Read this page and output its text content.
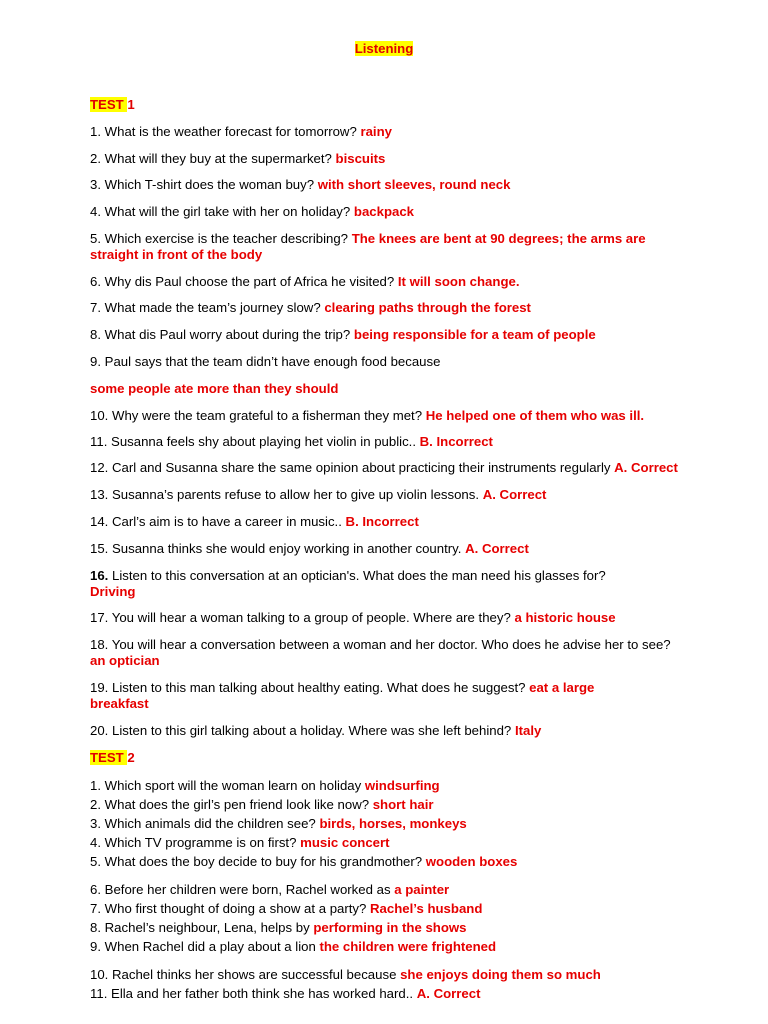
Listening
TEST 1
1. What is the weather forecast for tomorrow? rainy
2. What will they buy at the supermarket? biscuits
3. Which T-shirt does the woman buy? with short sleeves, round neck
4. What will the girl take with her on holiday? backpack
5. Which exercise is the teacher describing? The knees are bent at 90 degrees; the arms are straight in front of the body
6. Why dis Paul choose the part of Africa he visited? It will soon change.
7. What made the team’s journey slow? clearing paths through the forest
8. What dis Paul worry about during the trip? being responsible for a team of people
9. Paul says that the team didn’t have enough food because
some people ate more than they should
10. Why were the team grateful to a fisherman they met? He helped one of them who was ill.
11. Susanna feels shy about playing het violin in public.. B. Incorrect
12. Carl and Susanna share the same opinion about practicing their instruments regularly A. Correct
13. Susanna’s parents refuse to allow her to give up violin lessons. A. Correct
14. Carl’s aim is to have a career in music.. B. Incorrect
15. Susanna thinks she would enjoy working in another country. A. Correct
16. Listen to this conversation at an optician's. What does the man need his glasses for?
Driving
17. You will hear a woman talking to a group of people. Where are they? a historic house
18. You will hear a conversation between a woman and her doctor. Who does he advise her to see? an optician
19. Listen to this man talking about healthy eating. What does he suggest? eat a large breakfast
20. Listen to this girl talking about a holiday. Where was she left behind? Italy
TEST 2
1. Which sport will the woman learn on holiday windsurfing
2. What does the girl’s pen friend look like now? short hair
3. Which animals did the children see? birds, horses, monkeys
4. Which TV programme is on first? music concert
5. What does the boy decide to buy for his grandmother? wooden boxes
6. Before her children were born, Rachel worked as a painter
7. Who first thought of doing a show at a party? Rachel’s husband
8. Rachel’s neighbour, Lena, helps by performing in the shows
9. When Rachel did a play about a lion the children were frightened
10. Rachel thinks her shows are successful because she enjoys doing them so much
11. Ella and her father both think she has worked hard.. A. Correct
